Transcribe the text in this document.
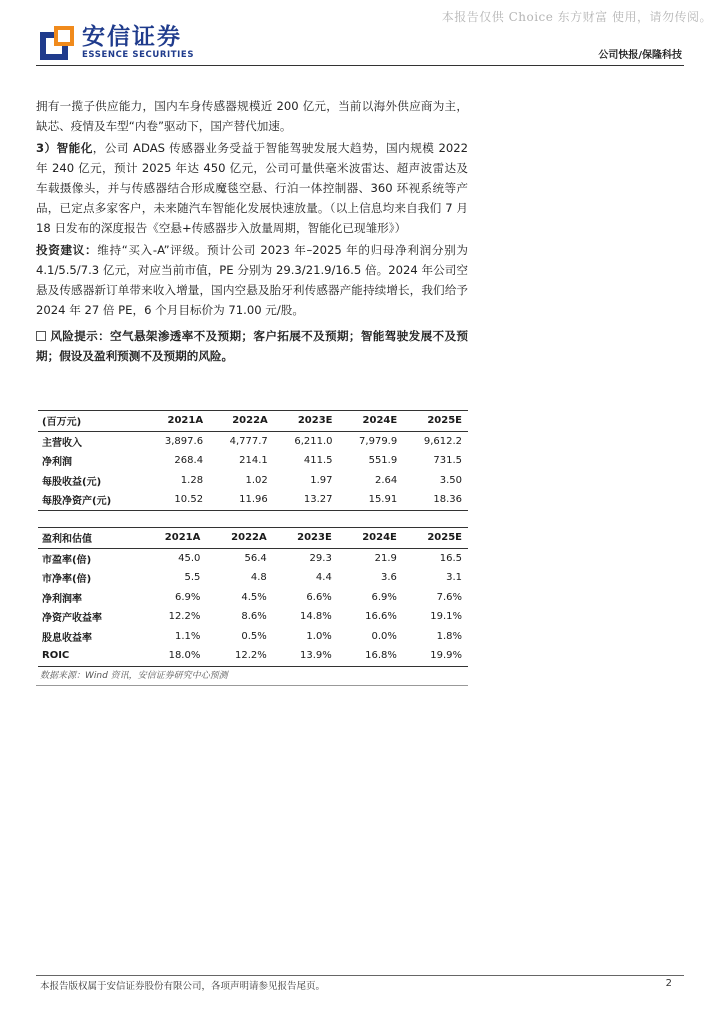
本报告仅供 Choice 东方财富 使用，请勿传阅。
安信证券
ESSENCE SECURITIES	公司快报/保隆科技

拥有一揽子供应能力，国内车身传感器规模近 200 亿元，当前以海外供应商为主，缺芯、疫情及车型“内卷”驱动下，国产替代加速。

3）智能化，公司 ADAS 传感器业务受益于智能驾驶发展大趋势，国内规模 2022 年 240 亿元，预计 2025 年达 450 亿元，公司可量供毫米波雷达、超声波雷达及车载摄像头，并与传感器结合形成魔毯空悬、行泊一体控制器、360 环视系统等产品，已定点多家客户，未来随汽车智能化发展快速放量。（以上信息均来自我们 7 月 18 日发布的深度报告《空悬+传感器步入放量周期，智能化已现雏形》）

投资建议：维持“买入-A”评级。预计公司 2023 年–2025 年的归母净利润分别为 4.1/5.5/7.3 亿元，对应当前市值，PE 分别为 29.3/21.9/16.5 倍。2024 年公司空悬及传感器新订单带来收入增量，国内空悬及胎牙利传感器产能持续增长，我们给予 2024 年 27 倍 PE，6 个月目标价为 71.00 元/股。

风险提示：空气悬架渗透率不及预期；客户拓展不及预期；智能驾驶发展不及预期；假设及盈利预测不及预期的风险。

(百万元)	2021A	2022A	2023E	2024E	2025E
主营收入	3,897.6	4,777.7	6,211.0	7,979.9	9,612.2
净利润	268.4	214.1	411.5	551.9	731.5
每股收益(元)	1.28	1.02	1.97	2.64	3.50
每股净资产(元)	10.52	11.96	13.27	15.91	18.36
盈利和估值	2021A	2022A	2023E	2024E	2025E
市盈率(倍)	45.0	56.4	29.3	21.9	16.5
市净率(倍)	5.5	4.8	4.4	3.6	3.1
净利润率	6.9%	4.5%	6.6%	6.9%	7.6%
净资产收益率	12.2%	8.6%	14.8%	16.6%	19.1%
股息收益率	1.1%	0.5%	1.0%	0.0%	1.8%
ROIC	18.0%	12.2%	13.9%	16.8%	19.9%
数据来源：Wind 资讯，安信证券研究中心预测
本报告版权属于安信证券股份有限公司，各项声明请参见报告尾页。	2
